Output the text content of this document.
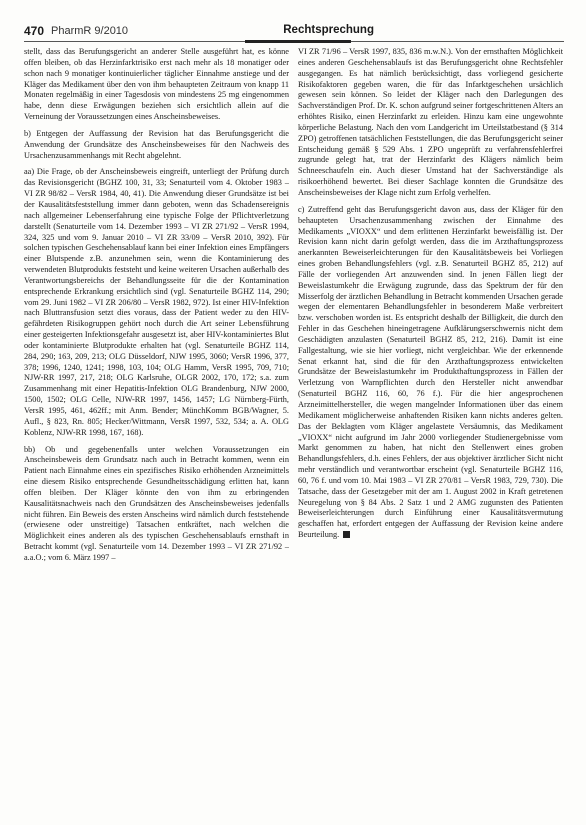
470 PharmR 9/2010	Rechtsprechung

stellt, dass das Berufungsgericht an anderer Stelle ausgeführt hat, es könne offen bleiben, ob das Herzinfarktrisiko erst nach mehr als 18 monatiger oder schon nach 9 monatiger kontinuierlicher täglicher Einnahme anstiege und der Kläger das Medikament über den von ihm behaupteten Zeitraum von knapp 11 Monaten regelmäßig in einer Tagesdosis von mindestens 25 mg eingenommen habe, denn diese Erwägungen beziehen sich ersichtlich allein auf die Verneinung der Voraussetzungen eines Anscheinsbeweises.

b) Entgegen der Auffassung der Revision hat das Berufungsgericht die Anwendung der Grundsätze des Anscheinsbeweises für den Nachweis des Ursachenzusammenhangs mit Recht abgelehnt.

aa) Die Frage, ob der Anscheinsbeweis eingreift, unterliegt der Prüfung durch das Revisionsgericht (BGHZ 100, 31, 33; Senaturteil vom 4. Oktober 1983 – VI ZR 98/82 – VersR 1984, 40, 41). Die Anwendung dieser Grundsätze ist bei der Kausalitätsfeststellung immer dann geboten, wenn das Schadensereignis nach allgemeiner Lebenserfahrung eine typische Folge der Pflichtverletzung darstellt (Senaturteile vom 14. Dezember 1993 – VI ZR 271/92 – VersR 1994, 324, 325 und vom 9. Januar 2010 – VI ZR 33/09 – VersR 2010, 392). Für solchen typischen Geschehensablauf kann bei einer Infektion eines Empfängers einer Blutspende z.B. anzunehmen sein, wenn die Kontaminierung des verwendeten Blutprodukts feststeht und keine weiteren Ursachen außerhalb des Verantwortungsbereichs der Behandlungsseite für die der Kontamination entsprechende Erkrankung ersichtlich sind (vgl. Senaturteile BGHZ 114, 290; vom 29. Juni 1982 – VI ZR 206/80 – VersR 1982, 972). Ist einer HIV-Infektion nach Bluttransfusion setzt dies voraus, dass der Patient weder zu den HIV-gefährdeten Risikogruppen gehört noch durch die Art seiner Lebensführung einer gesteigerten Infektionsgefahr ausgesetzt ist, aber HIV-kontaminiertes Blut oder kontaminierte Blutprodukte erhalten hat (vgl. Senaturteile BGHZ 114, 284, 290; 163, 209, 213; OLG Düsseldorf, NJW 1995, 3060; VersR 1996, 377, 378; 1996, 1240, 1241; 1998, 103, 104; OLG Hamm, VersR 1995, 709, 710; NJW-RR 1997, 217, 218; OLG Karlsruhe, OLGR 2002, 170, 172; s.a. zum Zusammenhang mit einer Hepatitis-Infektion OLG Brandenburg, NJW 2000, 1500, 1502; OLG Celle, NJW-RR 1997, 1456, 1457; LG Nürnberg-Fürth, VersR 1995, 461, 462ff.; mit Anm. Bender; MünchKomm BGB/Wagner, 5. Aufl., § 823, Rn. 805; Hecker/Wittmann, VersR 1997, 532, 534; a. A. OLG Koblenz, NJW-RR 1998, 167, 168).

bb) Ob und gegebenenfalls unter welchen Voraussetzungen ein Anscheinsbeweis dem Grundsatz nach auch in Betracht kommen, wenn ein Patient nach Einnahme eines ein spezifisches Risiko erhöhenden Arzneimittels eine diesem Risiko entsprechende Gesundheitsschädigung erlitten hat, kann offen bleiben. Der Kläger könnte den von ihm zu erbringenden Kausalitätsnachweis nach den Grundsätzen des Anscheinsbeweises jedenfalls nicht führen. Ein Beweis des ersten Anscheins wird nämlich durch feststehende (erwiesene oder unstreitige) Tatsachen entkräftet, nach welchen die Möglichkeit eines anderen als des typischen Geschehensablaufs ernsthaft in Betracht kommt (vgl. Senaturteile vom 14. Dezember 1993 – VI ZR 271/92 – a.a.O.; vom 6. März 1997 –

VI ZR 71/96 – VersR 1997, 835, 836 m.w.N.). Von der ernsthaften Möglichkeit eines anderen Geschehensablaufs ist das Berufungsgericht ohne Rechtsfehler ausgegangen. Es hat nämlich berücksichtigt, dass vorliegend gesicherte Risikofaktoren gegeben waren, die für das Infarktgeschehen ursächlich gewesen sein können. So leidet der Kläger nach den Darlegungen des Sachverständigen Prof. Dr. K. schon aufgrund seiner fortgeschrittenen Alters an erhöhtes Risiko, einen Herzinfarkt zu erleiden. Hinzu kam eine ungewohnte körperliche Belastung. Nach den vom Landgericht im Urteilstatbestand (§ 314 ZPO) getroffenen tatsächlichen Feststellungen, die das Berufungsgericht seiner Entscheidung gemäß § 529 Abs. 1 ZPO ungeprüft zu verfahrensfehlerfrei zugrunde gelegt hat, trat der Herzinfarkt des Klägers nämlich beim Schneeschaufeln ein. Auch dieser Umstand hat der Sachverständige als risikoerhöhend bewertet. Bei dieser Sachlage konnten die Grundsätze des Anscheinsbeweises der Klage nicht zum Erfolg verhelfen.

c) Zutreffend geht das Berufungsgericht davon aus, dass der Kläger für den behaupteten Ursachenzusammenhang zwischen der Einnahme des Medikaments „VIOXX“ und dem erlittenen Herzinfarkt beweisfällig ist. Der Revision kann nicht darin gefolgt werden, dass die im Arzthaftungsprozess anerkannten Beweiserleichterungen für den Kausalitätsbeweis bei Vorliegen eines groben Behandlungsfehlers (vgl. z.B. Senaturteil BGHZ 85, 212) auf Fälle der vorliegenden Art anzuwenden sind. In jenen Fällen liegt der Beweislastumkehr die Erwägung zugrunde, dass das Spektrum der für den Misserfolg der ärztlichen Behandlung in Betracht kommenden Ursachen gerade wegen der elementaren Behandlungsfehler in besonderem Maße verbreitert bzw. verschoben worden ist. Es entspricht deshalb der Billigkeit, die durch den Fehler in das Geschehen hineingetragene Aufklärungserschwernis nicht dem Geschädigten anzulasten (Senaturteil BGHZ 85, 212, 216). Damit ist eine Fallgestaltung, wie sie hier vorliegt, nicht vergleichbar. Wie der erkennende Senat erkannt hat, sind die für den Arzthaftungsprozess entwickelten Grundsätze der Beweislastumkehr im Produkthaftungsprozess in Fällen der Verletzung von Warnpflichten durch den Hersteller nicht anwendbar (Senaturteil BGHZ 116, 60, 76 f.). Für die hier angesprochenen Arzneimittelhersteller, die wegen mangelnder Informationen über das einem Medikament möglicherweise anhaftenden Risiken kann nichts anderes gelten. Das der Beklagten vom Kläger angelastete Versäumnis, das Medikament „VIOXX“ nicht aufgrund im Jahr 2000 vorliegender Studienergebnisse vom Markt genommen zu haben, hat nicht den Stellenwert eines groben Behandlungsfehlers, d.h. eines Fehlers, der aus objektiver ärztlicher Sicht nicht mehr verständlich und verantwortbar erscheint (vgl. Senaturteile BGHZ 116, 60, 76 f. und vom 10. Mai 1983 – VI ZR 270/81 – VersR 1983, 729, 730). Die Tatsache, dass der Gesetzgeber mit der am 1. August 2002 in Kraft getretenen Neuregelung von § 84 Abs. 2 Satz 1 und 2 AMG zugunsten des Patienten Beweiserleichterungen durch Einführung einer Kausalitätsvermutung geschaffen hat, erfordert entgegen der Auffassung der Revision keine andere Beurteilung.
